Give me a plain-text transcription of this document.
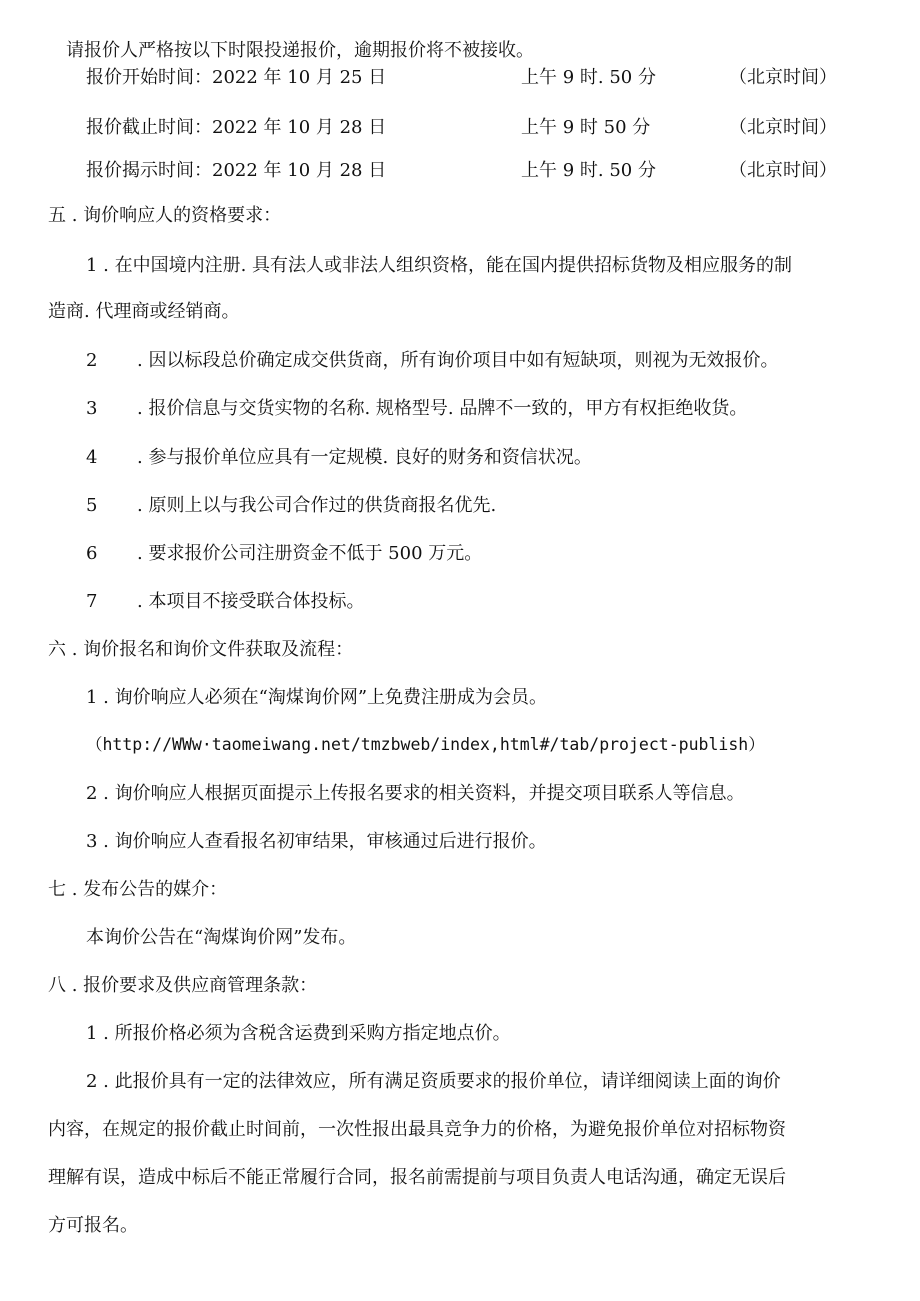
请报价人严格按以下时限投递报价，逾期报价将不被接收。
报价开始时间：2022 年 10 月 25 日	上午 9 时. 50 分	（北京时间）
报价截止时间：2022 年 10 月 28 日	上午 9 时 50 分	（北京时间）
报价揭示时间：2022 年 10 月 28 日	上午 9 时. 50 分	（北京时间）
五 . 询价响应人的资格要求：
1 . 在中国境内注册. 具有法人或非法人组织资格，能在国内提供招标货物及相应服务的制
造商. 代理商或经销商。
2 . 因以标段总价确定成交供货商，所有询价项目中如有短缺项，则视为无效报价。
3 . 报价信息与交货实物的名称. 规格型号. 品牌不一致的，甲方有权拒绝收货。
4 . 参与报价单位应具有一定规模. 良好的财务和资信状况。
5 . 原则上以与我公司合作过的供货商报名优先.
6 . 要求报价公司注册资金不低于 500 万元。
7 . 本项目不接受联合体投标。
六 . 询价报名和询价文件获取及流程：
1 . 询价响应人必须在“淘煤询价网”上免费注册成为会员。
（http://WWw·taomeiwang.net/tmzbweb/index,html#/tab/project-publish）
2 . 询价响应人根据页面提示上传报名要求的相关资料，并提交项目联系人等信息。
3 . 询价响应人查看报名初审结果，审核通过后进行报价。
七 . 发布公告的媒介：
本询价公告在“淘煤询价网”发布。
八 . 报价要求及供应商管理条款：
1 . 所报价格必须为含税含运费到采购方指定地点价。
2 . 此报价具有一定的法律效应，所有满足资质要求的报价单位，请详细阅读上面的询价
内容，在规定的报价截止时间前，一次性报出最具竞争力的价格，为避免报价单位对招标物资
理解有误，造成中标后不能正常履行合同，报名前需提前与项目负责人电话沟通，确定无误后
方可报名。
